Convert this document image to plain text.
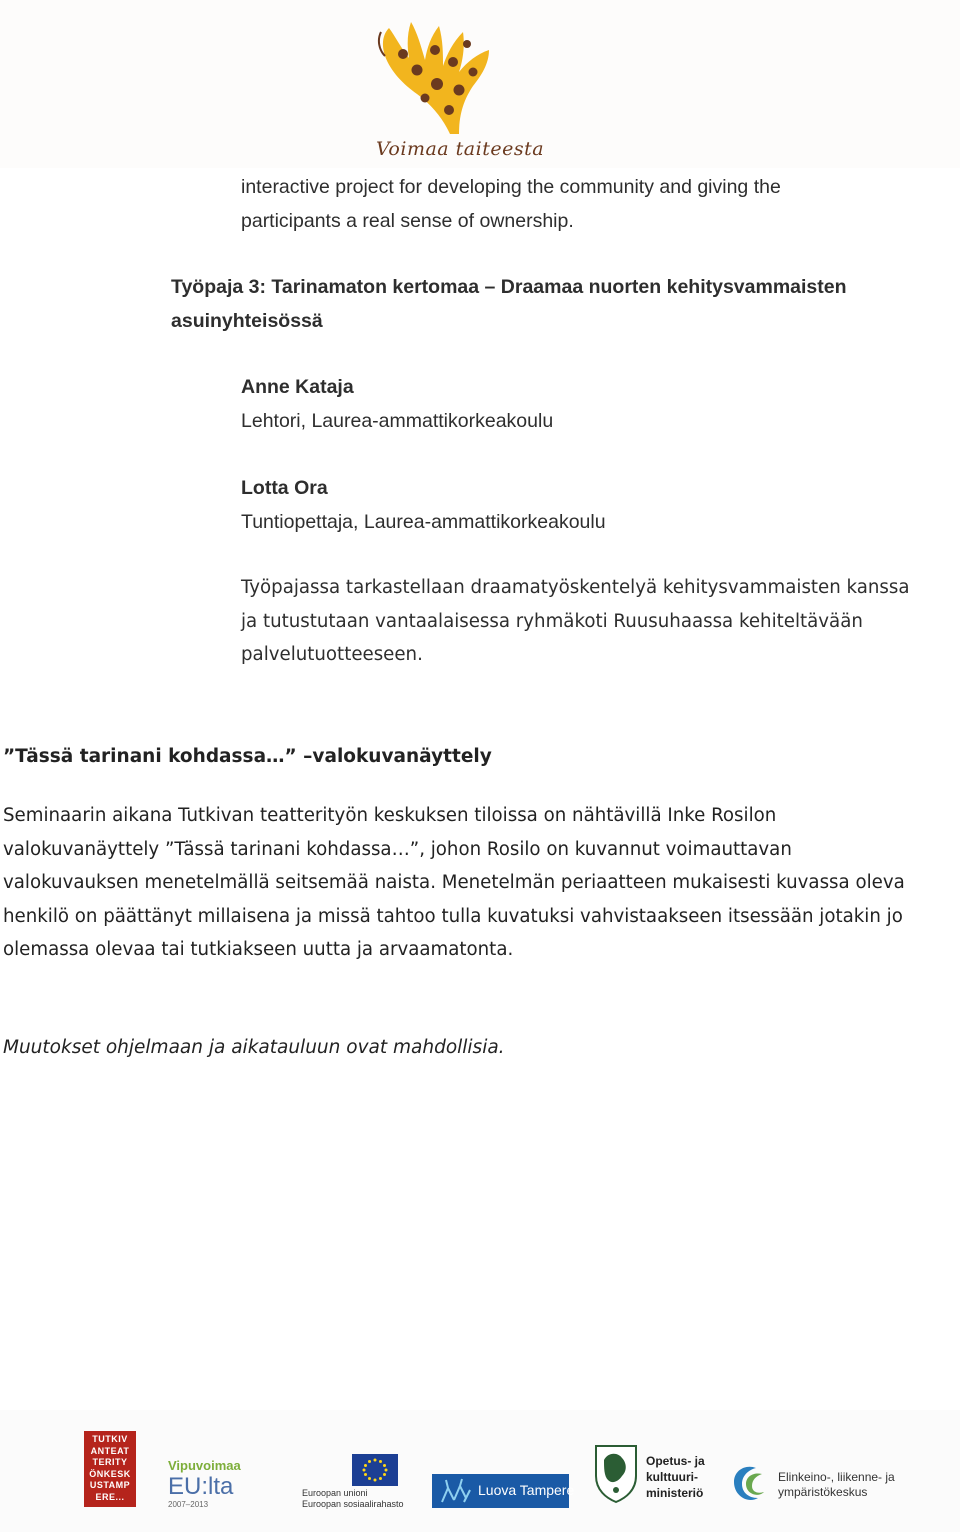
Voimaa taiteesta
interactive project for developing the community and giving the
participants a real sense of ownership.
Työpaja 3: Tarinamaton kertomaa – Draamaa nuorten kehitysvammaisten
asuinyhteisössä
Anne Kataja
Lehtori, Laurea-ammattikorkeakoulu
Lotta Ora
Tuntiopettaja, Laurea-ammattikorkeakoulu
Työpajassa tarkastellaan draamatyöskentelyä kehitysvammaisten kanssa
ja tutustutaan vantaalaisessa ryhmäkoti Ruusuhaassa kehiteltävään
palvelutuotteeseen.
”Tässä tarinani kohdassa…” –valokuvanäyttely
Seminaarin aikana Tutkivan teatterityön keskuksen tiloissa on nähtävillä Inke Rosilon
valokuvanäyttely ”Tässä tarinani kohdassa…”, johon Rosilo on kuvannut voimauttavan
valokuvauksen menetelmällä seitsemää naista. Menetelmän periaatteen mukaisesti kuvassa oleva
henkilö on päättänyt millaisena ja missä tahtoo tulla kuvatuksi vahvistaakseen itsessään jotakin jo
olemassa olevaa tai tutkiakseen uutta ja arvaamatonta.
Muutokset ohjelmaan ja aikatauluun ovat mahdollisia.
TUTKIV
ANTEAT
TERITY
ÖNKESK
USTAMP
ERE...
Vipuvoimaa
EU:lta
2007–2013
Euroopan unioni
Euroopan sosiaalirahasto
Luova Tampere
Opetus- ja
kulttuuri-
ministeriö
Elinkeino-, liikenne- ja
ympäristökeskus
